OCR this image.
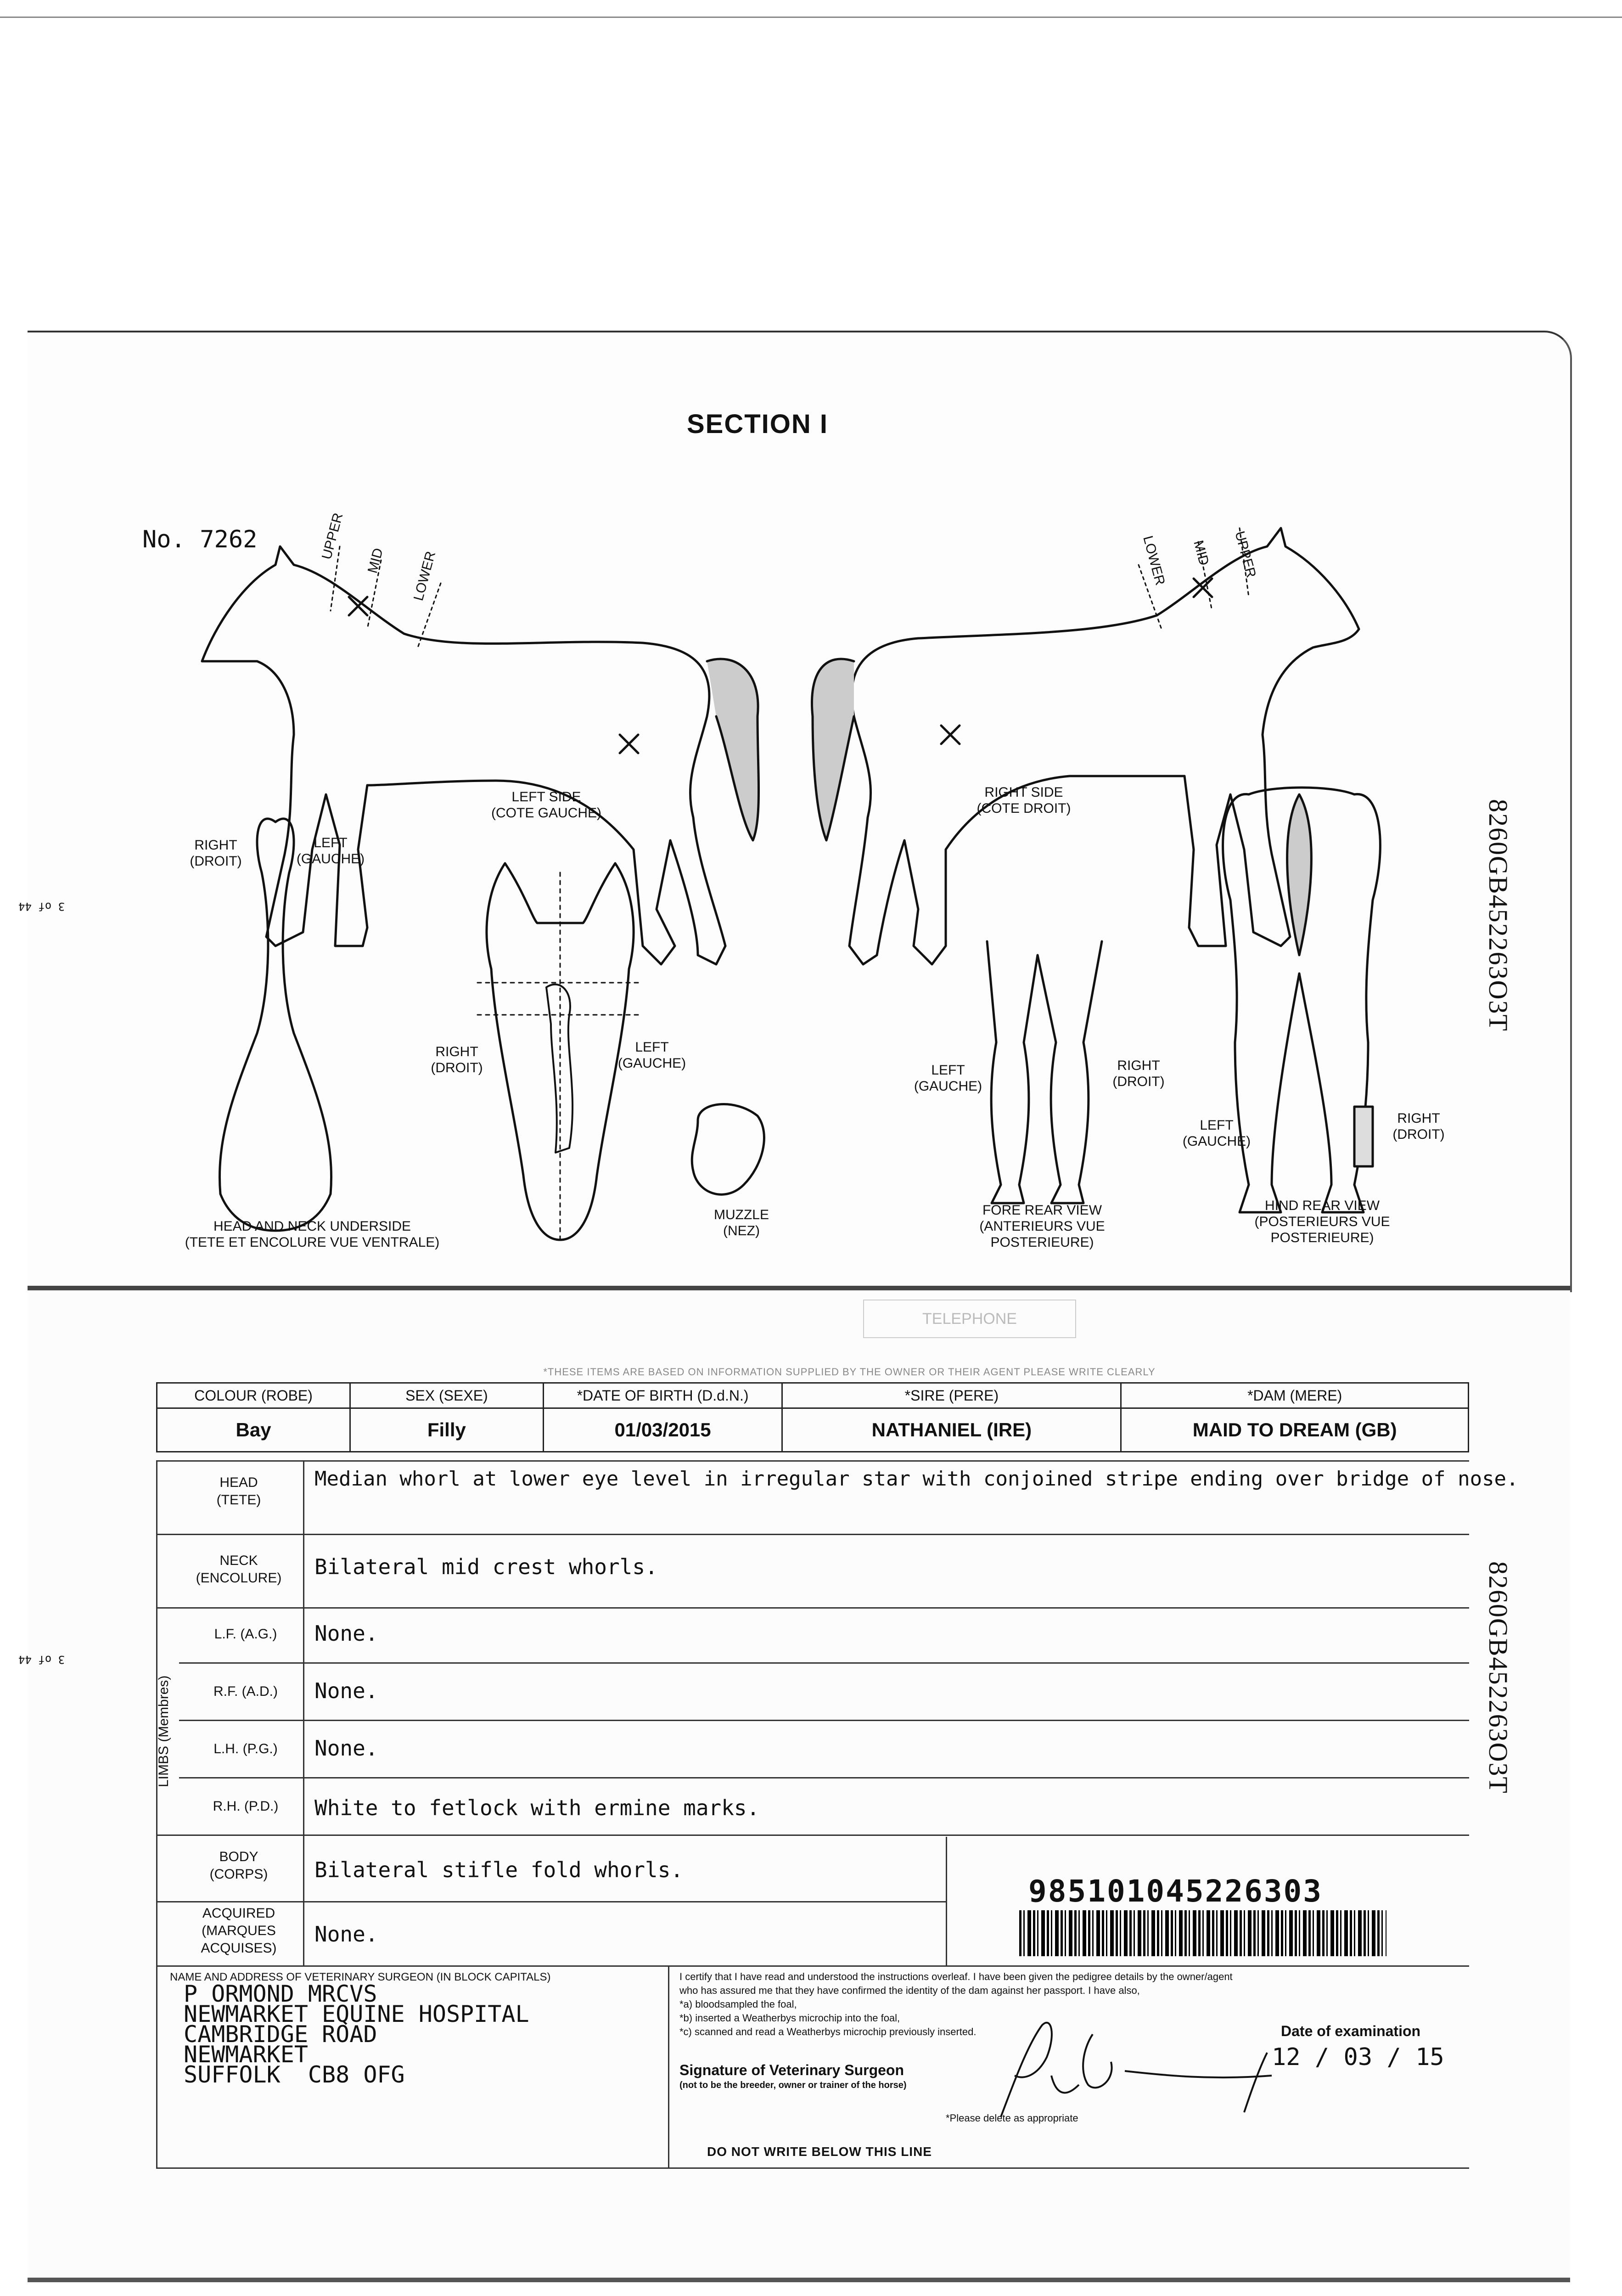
3 of 44
3 of 44
SECTION I
No. 7262
8260GB452263O3T
8260GB452263O3T
UPPER MID LOWER	UPPER
MID
LOWER
LEFT SIDE
(COTE GAUCHE)
RIGHT SIDE
(COTE DROIT)
RIGHT
(DROIT)
LEFT
(GAUCHE)
RIGHT
(DROIT)
LEFT
(GAUCHE)
HEAD AND NECK UNDERSIDE
(TETE ET ENCOLURE VUE VENTRALE)
MUZZLE
(NEZ)
LEFT
(GAUCHE)
RIGHT
(DROIT)
FORE REAR VIEW
(ANTERIEURS VUE
POSTERIEURE)
LEFT
(GAUCHE)
RIGHT
(DROIT)
HIND REAR VIEW
(POSTERIEURS VUE
POSTERIEURE)
TELEPHONE
*THESE ITEMS ARE BASED ON INFORMATION SUPPLIED BY THE OWNER OR THEIR AGENT PLEASE WRITE CLEARLY
COLOUR (ROBE)	SEX (SEXE)	*DATE OF BIRTH (D.d.N.)	*SIRE (PERE)	*DAM (MERE)
Bay	Filly	01/03/2015	NATHANIEL (IRE)	MAID TO DREAM (GB)
HEAD
(TETE)
Median whorl at lower eye level in irregular star with conjoined stripe ending over bridge of nose.
NECK
(ENCOLURE)	Bilateral mid crest whorls.
LIMBS (Membres)
L.F. (A.G.)	None.
R.F. (A.D.)	None.
L.H. (P.G.)	None.
R.H. (P.D.)	White to fetlock with ermine marks.
BODY
(CORPS)	Bilateral stifle fold whorls.
ACQUIRED
(MARQUES
ACQUISES)
None.
985101045226303
NAME AND ADDRESS OF VETERINARY SURGEON (IN BLOCK CAPITALS)
P ORMOND MRCVS
NEWMARKET EQUINE HOSPITAL
CAMBRIDGE ROAD
NEWMARKET
SUFFOLK  CB8 OFG
I certify that I have read and understood the instructions overleaf. I have been given the pedigree details by the owner/agent
who has assured me that they have confirmed the identity of the dam against her passport. I have also,
*a) bloodsampled the foal,
*b) inserted a Weatherbys microchip into the foal,
*c) scanned and read a Weatherbys microchip previously inserted.
Signature of Veterinary Surgeon
(not to be the breeder, owner or trainer of the horse)
Date of examination
12 / 03 / 15
*Please delete as appropriate
DO NOT WRITE BELOW THIS LINE
